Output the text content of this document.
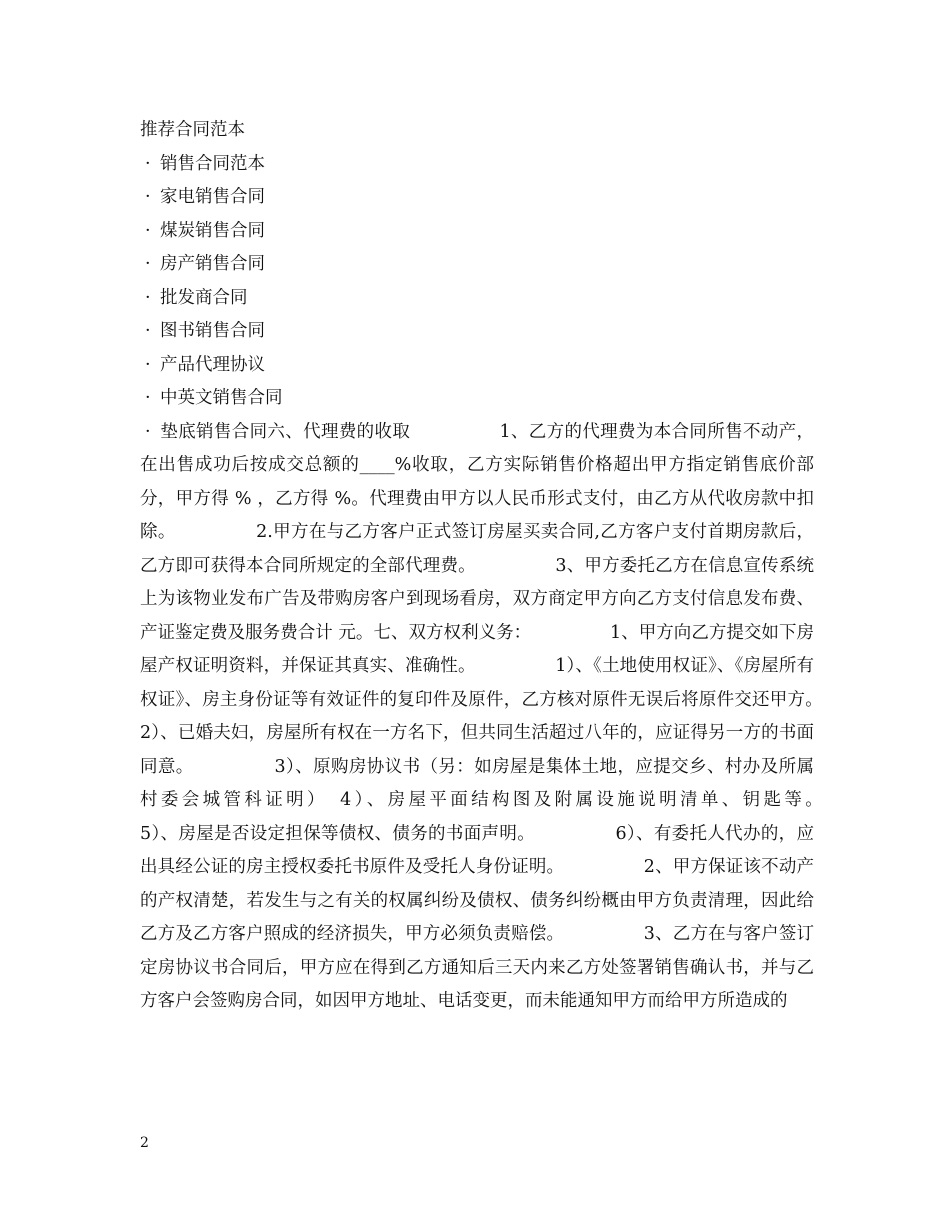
推荐合同范本
· 销售合同范本
· 家电销售合同
· 煤炭销售合同
· 房产销售合同
· 批发商合同
· 图书销售合同
· 产品代理协议
· 中英文销售合同
· 垫底销售合同六、代理费的收取　　　　　1、乙方的代理费为本合同所售不动产，在出售成功后按成交总额的____%收取，乙方实际销售价格超出甲方指定销售底价部分，甲方得 % ，乙方得 %。代理费由甲方以人民币形式支付，由乙方从代收房款中扣除。　　　　　2.甲方在与乙方客户正式签订房屋买卖合同,乙方客户支付首期房款后，乙方即可获得本合同所规定的全部代理费。　　　　　3、甲方委托乙方在信息宣传系统上为该物业发布广告及带购房客户到现场看房，双方商定甲方向乙方支付信息发布费、产证鉴定费及服务费合计 元。七、双方权利义务：　　　　　1、甲方向乙方提交如下房屋产权证明资料，并保证其真实、准确性。　　　　　1）、《土地使用权证》、《房屋所有权证》、房主身份证等有效证件的复印件及原件，乙方核对原件无误后将原件交还甲方。　　　　　2）、已婚夫妇，房屋所有权在一方名下，但共同生活超过八年的，应证得另一方的书面同意。　　　　　3）、原购房协议书（另：如房屋是集体土地，应提交乡、村办及所属村委会城管科证明）　4）、房屋平面结构图及附属设施说明清单、钥匙等。　　　　　5）、房屋是否设定担保等债权、债务的书面声明。　　　　　6）、有委托人代办的，应出具经公证的房主授权委托书原件及受托人身份证明。　　　　　2、甲方保证该不动产的产权清楚，若发生与之有关的权属纠纷及债权、债务纠纷概由甲方负责清理，因此给乙方及乙方客户照成的经济损失，甲方必须负责赔偿。　　　　　3、乙方在与客户签订定房协议书合同后，甲方应在得到乙方通知后三天内来乙方处签署销售确认书，并与乙方客户会签购房合同，如因甲方地址、电话变更，而未能通知甲方而给甲方所造成的
2
